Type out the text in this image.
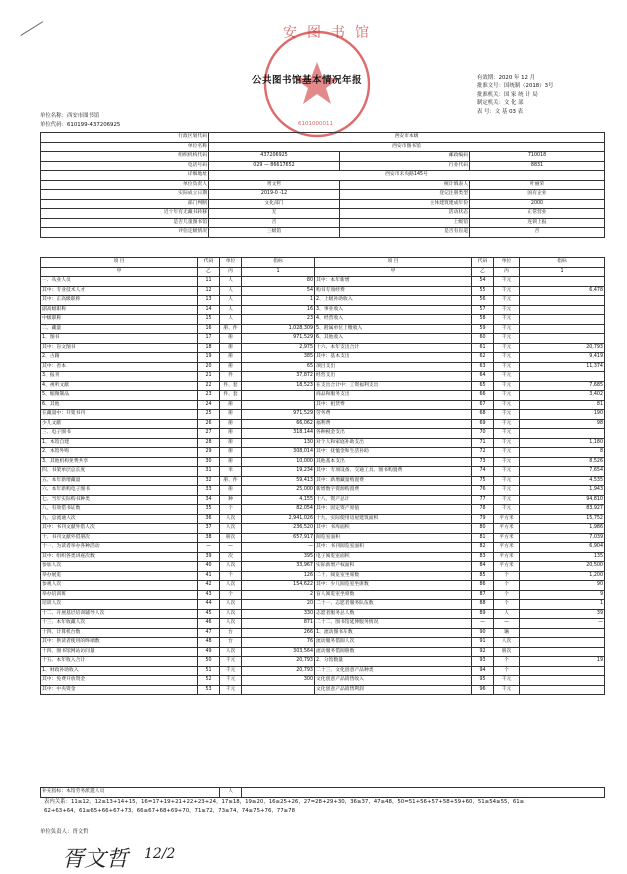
安图书馆
6101000011
公共图书馆基本情况年报	有效期：2020 年 12 月
批准文号：国统制（2018）3号
批准机关：国 家 统 计 局
制定机关：文 化 部
表 号：文 基 03 表
单位名称：西安市图书馆
单位代码：610199-437206925
行政区划代码	西安市本级		
单位名称	西安市图书馆		
组织机构代码	437206925	邮政编码	710018
电话号码	029 — 86617652	行业代码	8831
详细地址	西安市未央路145号		
单位负责人	胥文哲	统计填表人	叶丽荣
实际成立日期	2019-0 -12	登记注册类型	国有企业
部门判断	文化部门	主体建筑建成年份	2000
近十年有无藏书转移	无	活动状态	正常营业
是否儿童图书馆	否	上级馆	连锁上报
评估定级情况	三级馆	是否有盲道	否
项 目	代码	单位	指标	项 目	代码	单位	指标
甲	乙	丙	1	甲	乙	丙	1
一、从业人员	11	人	80	其中：本年新增	54	千元	
其中：专业技术人才	12	人	54	购书专项经费	55	千元	6,478
其中：正高级职称	13	人	1	2、上级补助收入	56	千元	
副高级职称	14	人	16	3、事业收入	57	千元	
中级职称	15	人	23	4、经营收入	58	千元	
二、藏量	16	册、件	1,028,309	5、附属单位上缴收入	59	千元	
1、图书	17	册	971,529	6、其他收入	60	千元	
其中：盲文图书	18	册	2,975	十六、本年支出合计	61	千元	20,793
2、古籍	19	册	385	其中：基本支出	62	千元	9,419
其中：善本	20	册	65	项目支出	63	千元	11,374
3、报刊	21	件	37,872	经营支出	64	千元	
4、视听文献	22	件、套	18,523	在支出合计中：工资福利支出	65	千元	7,685
5、缩微制品	23	件、套		商品和服务支出	66	千元	3,402
6、其他	24	册		其中：租赁费	67	千元	81
在藏量中：开架书刊	25	册	971,529	劳务费	68	千元	190
少儿文献	26	册	66,062	福利费	69	千元	98
三、电子图书	27	册	318,144	各种税金支出	70	千元	
1、本馆自建	28	册	130	对个人和家庭补助支出	71	千元	1,180
2、本馆外购	29	册	308,014	其中：抚恤金和生活补助	72	千元	8
3、其他机构免费共享	30	册	10,000	其他基本支出	73	千元	8,526
四、书架单层总长度	31	米	19,234	其中：专项设备、交通工具、图书购置费	74	千元	7,654
五、本年新增藏量	32	册、件	59,413	其中：新增藏量购置费	75	千元	4,535
六、本年新购电子图书	33	册	25,000	新增数字资源购置费	76	千元	1,943
七、当年实际购书种类	34	种	4,155	十八、资产总计	77	千元	94,810
八、有效借书证数	35	个	82,054	其中：固定资产原值	78	千元	83,927
九、总流通人次	36	人次	2,941,026	十九、实际使用房屋建筑面积	79	平方米	15,752
其中：书刊文献外借人次	37	人次	236,520	其中：书库面积	80	平方米	1,986
十、书刊文献外借册次	38	册次	657,917	阅览室面积	81	平方米	7,039
十一、为读者举办各种活动	—	—	—	其中：书刊阅览室面积	82	平方米	6,904
其中：组织各类讲座次数	39	次	395	电子阅览室面积	83	平方米	135
参加人次	40	人次	33,967	实际新增产权面积	84	平方米	20,500
举办展览	41	个	126	二十、阅览室坐席数	85	个	1,200
参观人次	42	人次	154,622	其中：少儿阅览室坐席数	86	个	90
举办培训班	43	个	2	盲人阅览室坐席数	87	个	9
培训人次	44	人次	20	二十一、志愿者服务队伍数	88	个	1
十二、开展基层培训辅导人次	45	人次	330	志愿者服务总人数	89	人	39
十三、本年收藏人次	46	人次	871	二十二、图书馆延伸服务情况	—	—	—
十四、计算机台数	47	台	266	1、流动图书车数	90	辆	
其中：供读者使用的终端数	48	台	76	流动服务借阅人次	91	人次	
十四、图书馆网站访问量	49	人次	303,564	流动服务借阅册数	92	册次	
十五、本年收入合计	50	千元	20,793	2、分馆数量	93	个	19
1、财政补助收入	51	千元	20,793	二十三、文化创意产品种类	94	个	
其中：免费开放资金	52	千元	300	文化创意产品销售收入	95	千元	
其中：中央资金	53	千元		文化创意产品销售利润	96	千元	
补充指标：本馆劳务派遣人员	人	
表内关系：11≥12，12≥13+14+15，16=17+19+21+22+23+24，17≥18，19≥20，16≥25+26，27=28+29+30，36≥37，47≥48，50=51+56+57+58+59+60，51≥54≥55，61≥
62+63+64，61≥65+66+67+73，66≥67+68+69+70，71≥72，73≥74，74≥75+76，77≥78
单位负责人：胥文哲
胥文哲 12/2
